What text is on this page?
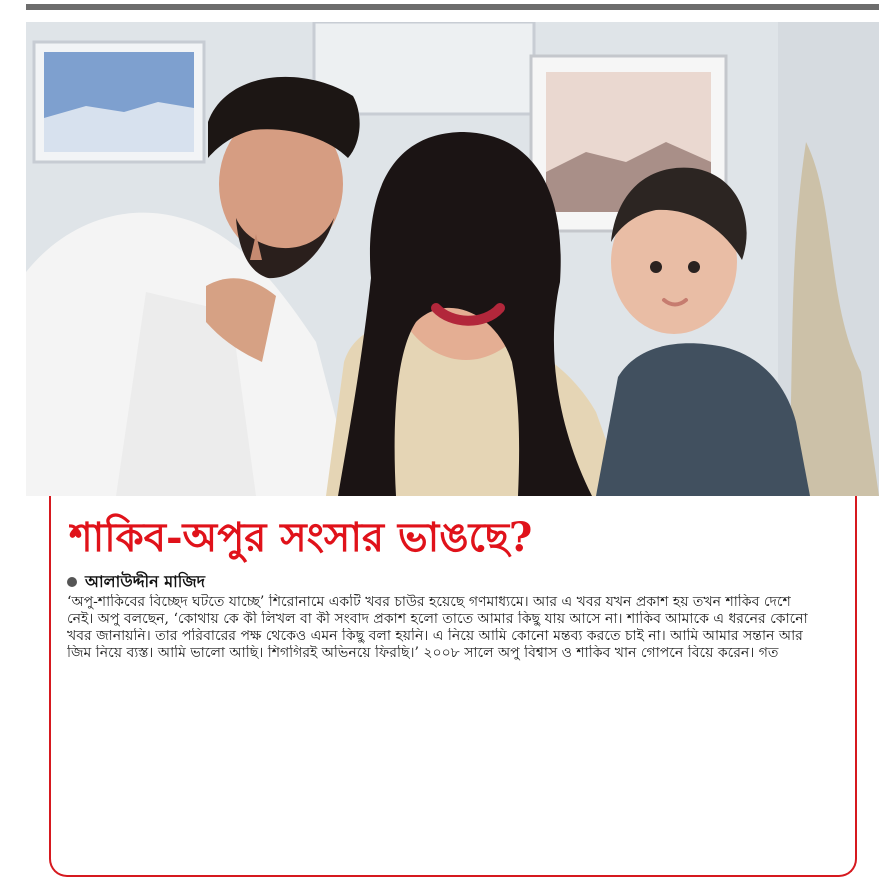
শাকিব-অপুর সংসার ভাঙছে?
আলাউদ্দীন মাজিদ
‘অপু-শাকিবের বিচ্ছেদ ঘটতে যাচ্ছে’ শিরোনামে একটি খবর চাউর হয়েছে গণমাধ্যমে। আর এ খবর যখন প্রকাশ হয় তখন শাকিব দেশে
নেই। অপু বলছেন, ‘কোথায় কে কী লিখল বা কী সংবাদ প্রকাশ হলো তাতে আমার কিছু যায় আসে না। শাকিব আমাকে এ ধরনের কোনো
খবর জানায়নি। তার পরিবারের পক্ষ থেকেও এমন কিছু বলা হয়নি। এ নিয়ে আমি কোনো মন্তব্য করতে চাই না। আমি আমার সন্তান আর
জিম নিয়ে ব্যস্ত। আমি ভালো আছি। শিগগিরই অভিনয়ে ফিরছি।’ ২০০৮ সালে অপু বিশ্বাস ও শাকিব খান গোপনে বিয়ে করেন। গত
